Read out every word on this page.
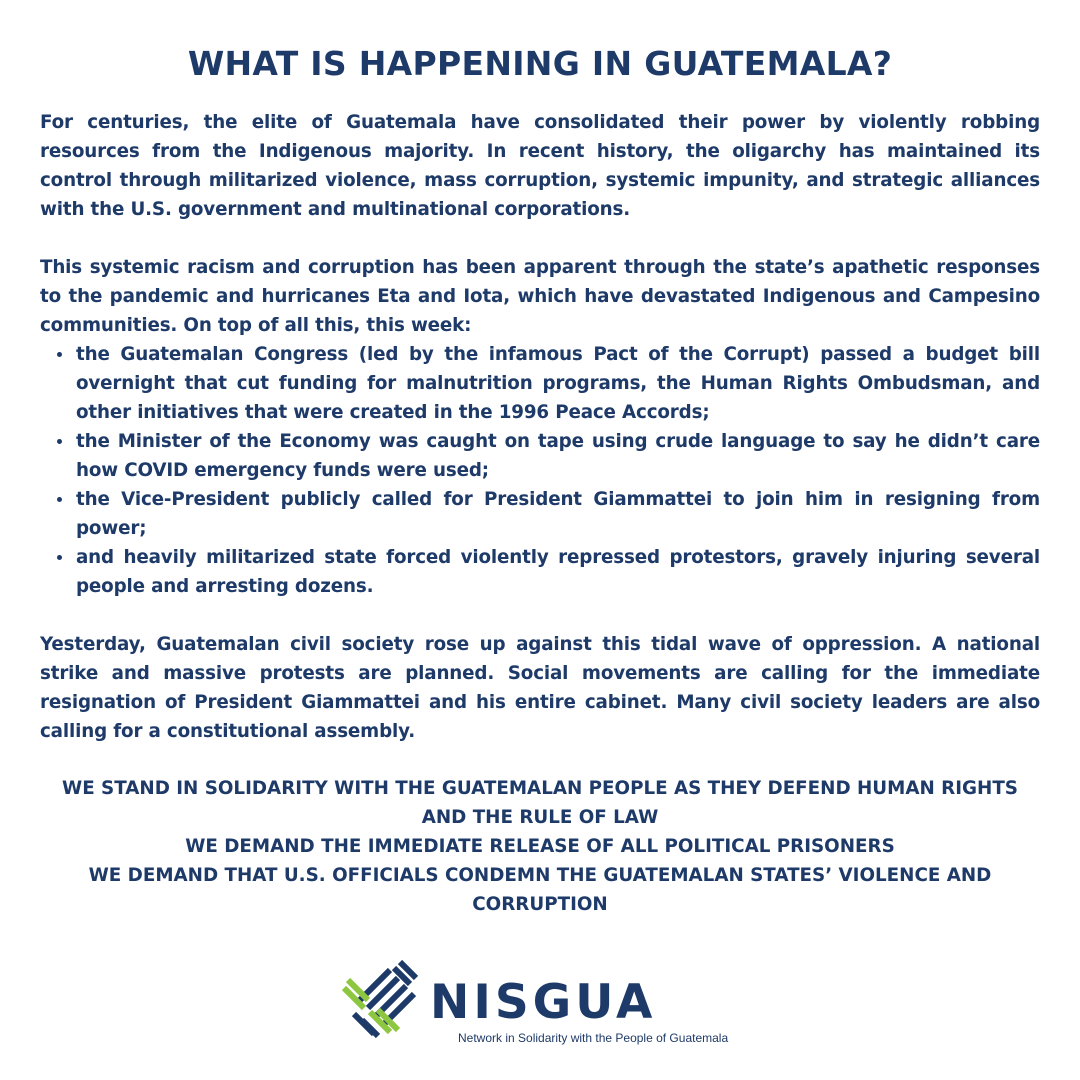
WHAT IS HAPPENING IN GUATEMALA?

For centuries, the elite of Guatemala have consolidated their power by violently robbing resources from the Indigenous majority. In recent history, the oligarchy has maintained its control through militarized violence, mass corruption, systemic impunity, and strategic alliances with the U.S. government and multinational corporations.

This systemic racism and corruption has been apparent through the state’s apathetic responses to the pandemic and hurricanes Eta and Iota, which have devastated Indigenous and Campesino communities. On top of all this, this week:

the Guatemalan Congress (led by the infamous Pact of the Corrupt) passed a budget bill overnight that cut funding for malnutrition programs, the Human Rights Ombudsman, and other initiatives that were created in the 1996 Peace Accords;
the Minister of the Economy was caught on tape using crude language to say he didn’t care how COVID emergency funds were used;
the Vice-President publicly called for President Giammattei to join him in resigning from power;
and heavily militarized state forced violently repressed protestors, gravely injuring several people and arresting dozens.

Yesterday, Guatemalan civil society rose up against this tidal wave of oppression. A national strike and massive protests are planned. Social movements are calling for the immediate resignation of President Giammattei and his entire cabinet. Many civil society leaders are also calling for a constitutional assembly.

WE STAND IN SOLIDARITY WITH THE GUATEMALAN PEOPLE AS THEY DEFEND HUMAN RIGHTS AND THE RULE OF LAW
WE DEMAND THE IMMEDIATE RELEASE OF ALL POLITICAL PRISONERS
WE DEMAND THAT U.S. OFFICIALS CONDEMN THE GUATEMALAN STATES’ VIOLENCE AND CORRUPTION
NISGUA
Network in Solidarity with the People of Guatemala
